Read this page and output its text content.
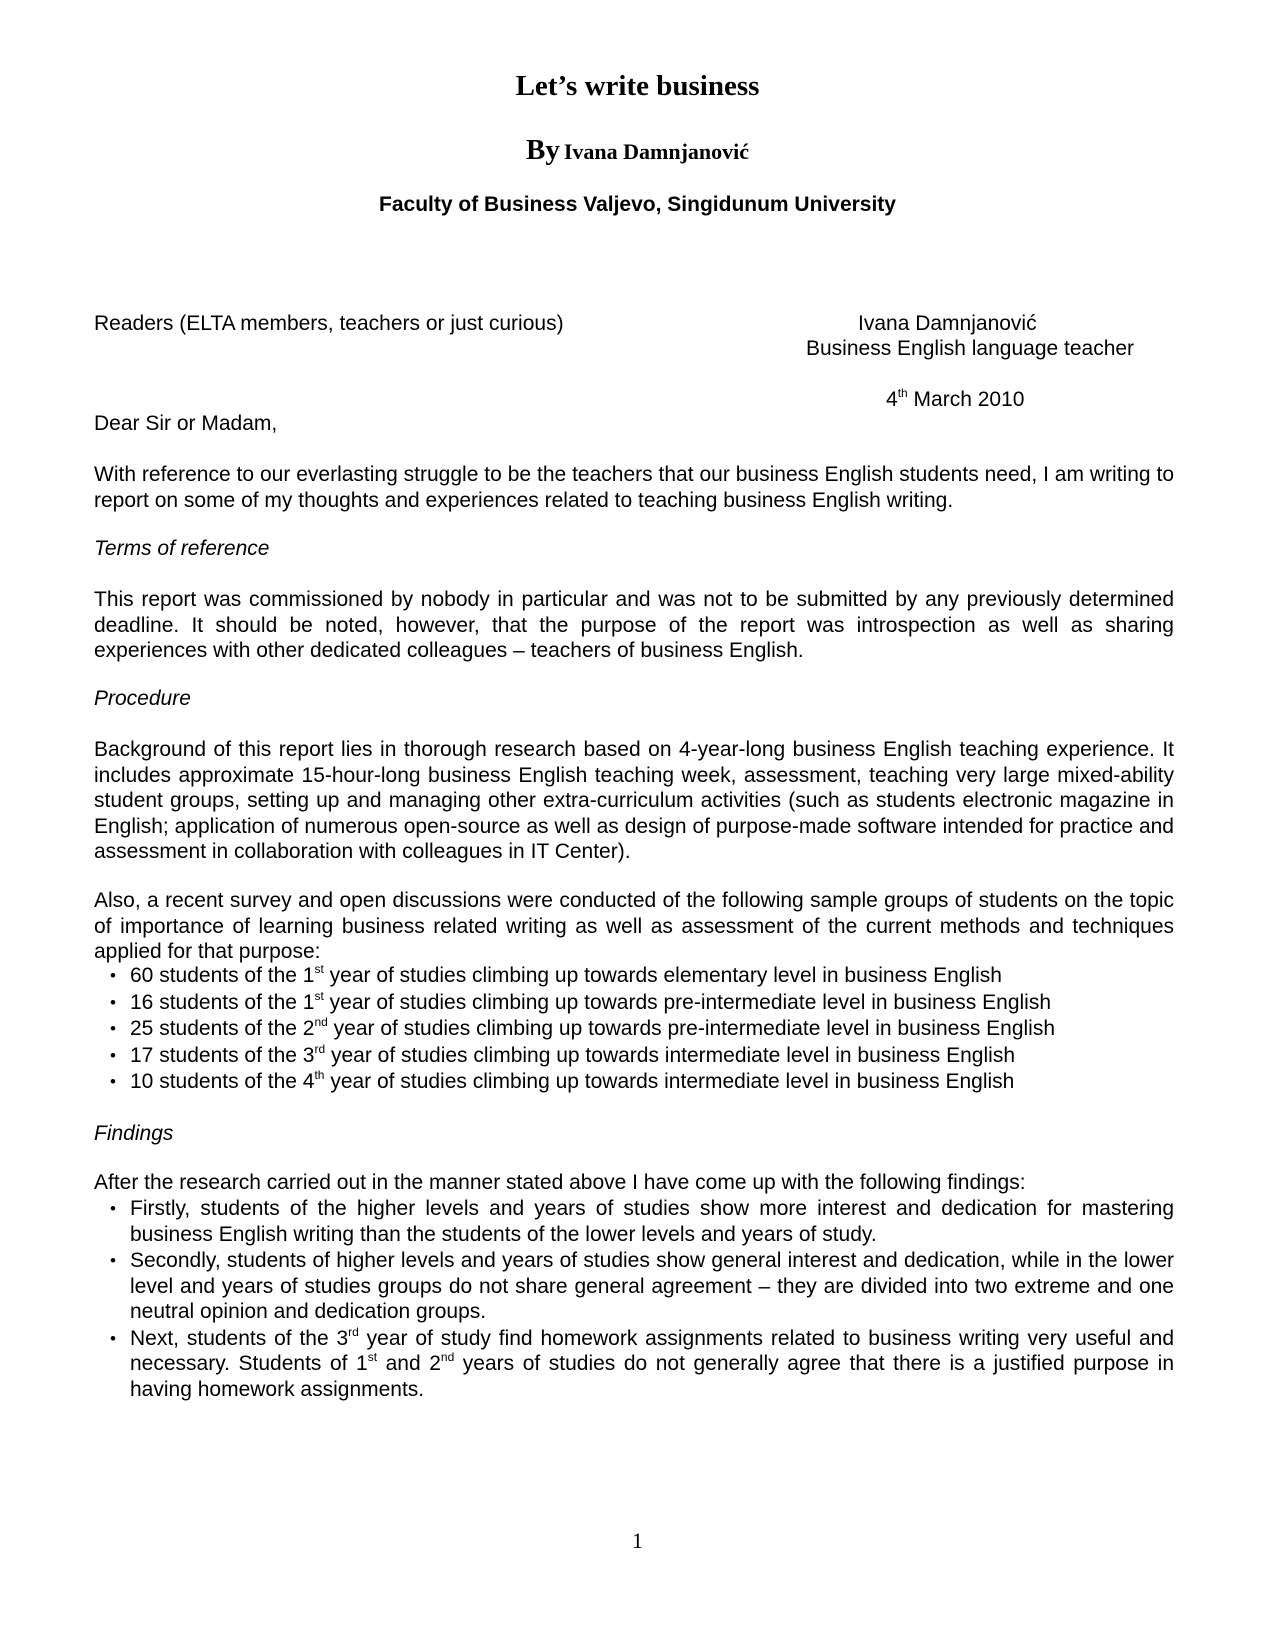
Let’s write business
By Ivana Damnjanović
Faculty of Business Valjevo, Singidunum University
Readers (ELTA members, teachers or just curious)	Ivana Damnjanović
Business English language teacher
4th March 2010
Dear Sir or Madam,
With reference to our everlasting struggle to be the teachers that our business English students need, I am writing to report on some of my thoughts and experiences related to teaching business English writing.
Terms of reference
This report was commissioned by nobody in particular and was not to be submitted by any previously determined deadline. It should be noted, however, that the purpose of the report was introspection as well as sharing experiences with other dedicated colleagues – teachers of business English.
Procedure
Background of this report lies in thorough research based on 4-year-long business English teaching experience. It includes approximate 15-hour-long business English teaching week, assessment, teaching very large mixed-ability student groups, setting up and managing other extra-curriculum activities (such as students electronic magazine in English; application of numerous open-source as well as design of purpose-made software intended for practice and assessment in collaboration with colleagues in IT Center).
Also, a recent survey and open discussions were conducted of the following sample groups of students on the topic of importance of learning business related writing as well as assessment of the current methods and techniques applied for that purpose:
• 60 students of the 1st year of studies climbing up towards elementary level in business English
• 16 students of the 1st year of studies climbing up towards pre-intermediate level in business English
• 25 students of the 2nd year of studies climbing up towards pre-intermediate level in business English
• 17 students of the 3rd year of studies climbing up towards intermediate level in business English
• 10 students of the 4th year of studies climbing up towards intermediate level in business English
Findings
After the research carried out in the manner stated above I have come up with the following findings:
• Firstly, students of the higher levels and years of studies show more interest and dedication for mastering business English writing than the students of the lower levels and years of study.
• Secondly, students of higher levels and years of studies show general interest and dedication, while in the lower level and years of studies groups do not share general agreement – they are divided into two extreme and one neutral opinion and dedication groups.
• Next, students of the 3rd year of study find homework assignments related to business writing very useful and necessary. Students of 1st and 2nd years of studies do not generally agree that there is a justified purpose in having homework assignments.
1
